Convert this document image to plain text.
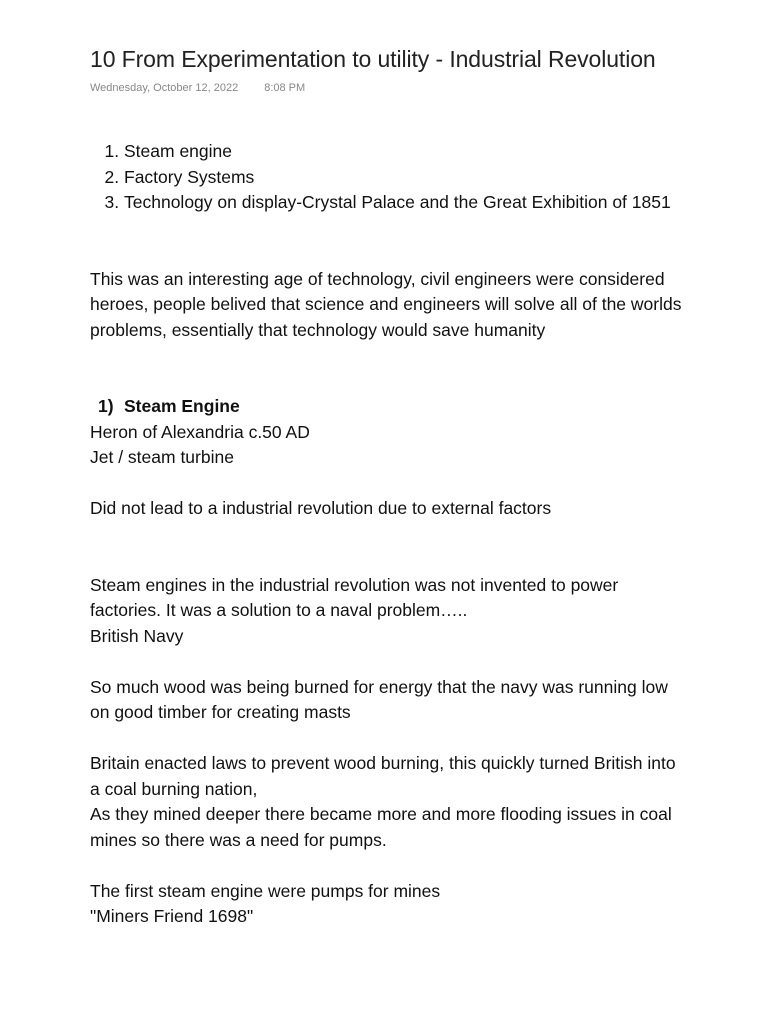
10 From Experimentation to utility - Industrial Revolution
Wednesday, October 12, 2022 8:08 PM
1. Steam engine
2. Factory Systems
3. Technology on display-Crystal Palace and the Great Exhibition of 1851

This was an interesting age of technology, civil engineers were considered heroes, people belived that science and engineers will solve all of the worlds problems, essentially that technology would save humanity

1) Steam Engine

Heron of Alexandria c.50 AD

Jet / steam turbine

Did not lead to a industrial revolution due to external factors

Steam engines in the industrial revolution was not invented to power factories. It was a solution to a naval problem…..

British Navy

So much wood was being burned for energy that the navy was running low on good timber for creating masts

Britain enacted laws to prevent wood burning, this quickly turned British into a coal burning nation,

As they mined deeper there became more and more flooding issues in coal mines so there was a need for pumps.

The first steam engine were pumps for mines

"Miners Friend 1698"
